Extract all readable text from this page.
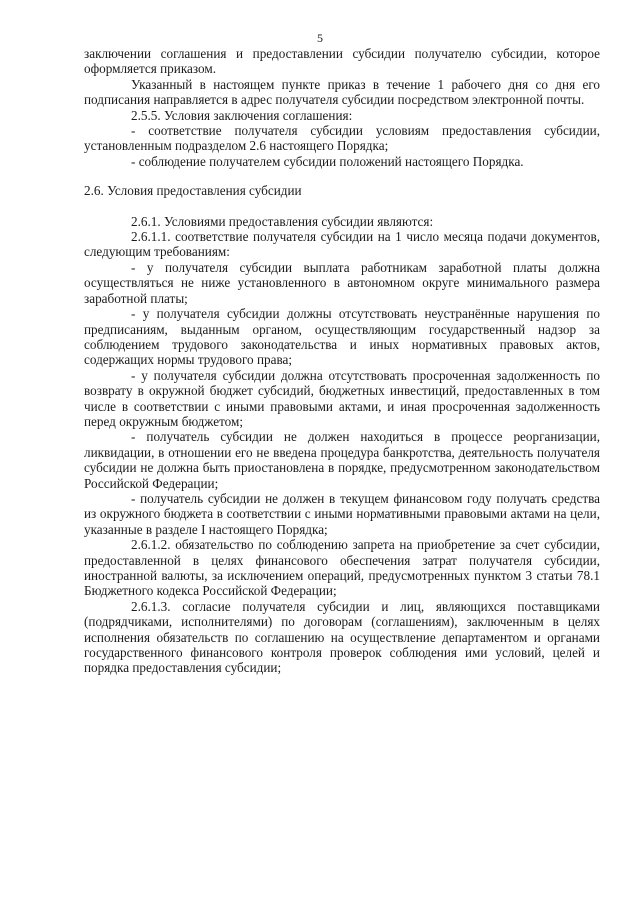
5
заключении соглашения и предоставлении субсидии получателю субсидии, которое оформляется приказом.
Указанный в настоящем пункте приказ в течение 1 рабочего дня со дня его подписания направляется в адрес получателя субсидии посредством электронной почты.
2.5.5. Условия заключения соглашения:
- соответствие получателя субсидии условиям предоставления субсидии, установленным подразделом 2.6 настоящего Порядка;
- соблюдение получателем субсидии положений настоящего Порядка.
2.6. Условия предоставления субсидии
2.6.1. Условиями предоставления субсидии являются:
2.6.1.1. соответствие получателя субсидии на 1 число месяца подачи документов, следующим требованиям:
- у получателя субсидии выплата работникам заработной платы должна осуществляться не ниже установленного в автономном округе минимального размера заработной платы;
- у получателя субсидии должны отсутствовать неустранённые нарушения по предписаниям, выданным органом, осуществляющим государственный надзор за соблюдением трудового законодательства и иных нормативных правовых актов, содержащих нормы трудового права;
- у получателя субсидии должна отсутствовать просроченная задолженность по возврату в окружной бюджет субсидий, бюджетных инвестиций, предоставленных в том числе в соответствии с иными правовыми актами, и иная просроченная задолженность перед окружным бюджетом;
- получатель субсидии не должен находиться в процессе реорганизации, ликвидации, в отношении его не введена процедура банкротства, деятельность получателя субсидии не должна быть приостановлена в порядке, предусмотренном законодательством Российской Федерации;
- получатель субсидии не должен в текущем финансовом году получать средства из окружного бюджета в соответствии с иными нормативными правовыми актами на цели, указанные в разделе I настоящего Порядка;
2.6.1.2. обязательство по соблюдению запрета на приобретение за счет субсидии, предоставленной в целях финансового обеспечения затрат получателя субсидии, иностранной валюты, за исключением операций, предусмотренных пунктом 3 статьи 78.1 Бюджетного кодекса Российской Федерации;
2.6.1.3. согласие получателя субсидии и лиц, являющихся поставщиками (подрядчиками, исполнителями) по договорам (соглашениям), заключенным в целях исполнения обязательств по соглашению на осуществление департаментом и органами государственного финансового контроля проверок соблюдения ими условий, целей и порядка предоставления субсидии;
